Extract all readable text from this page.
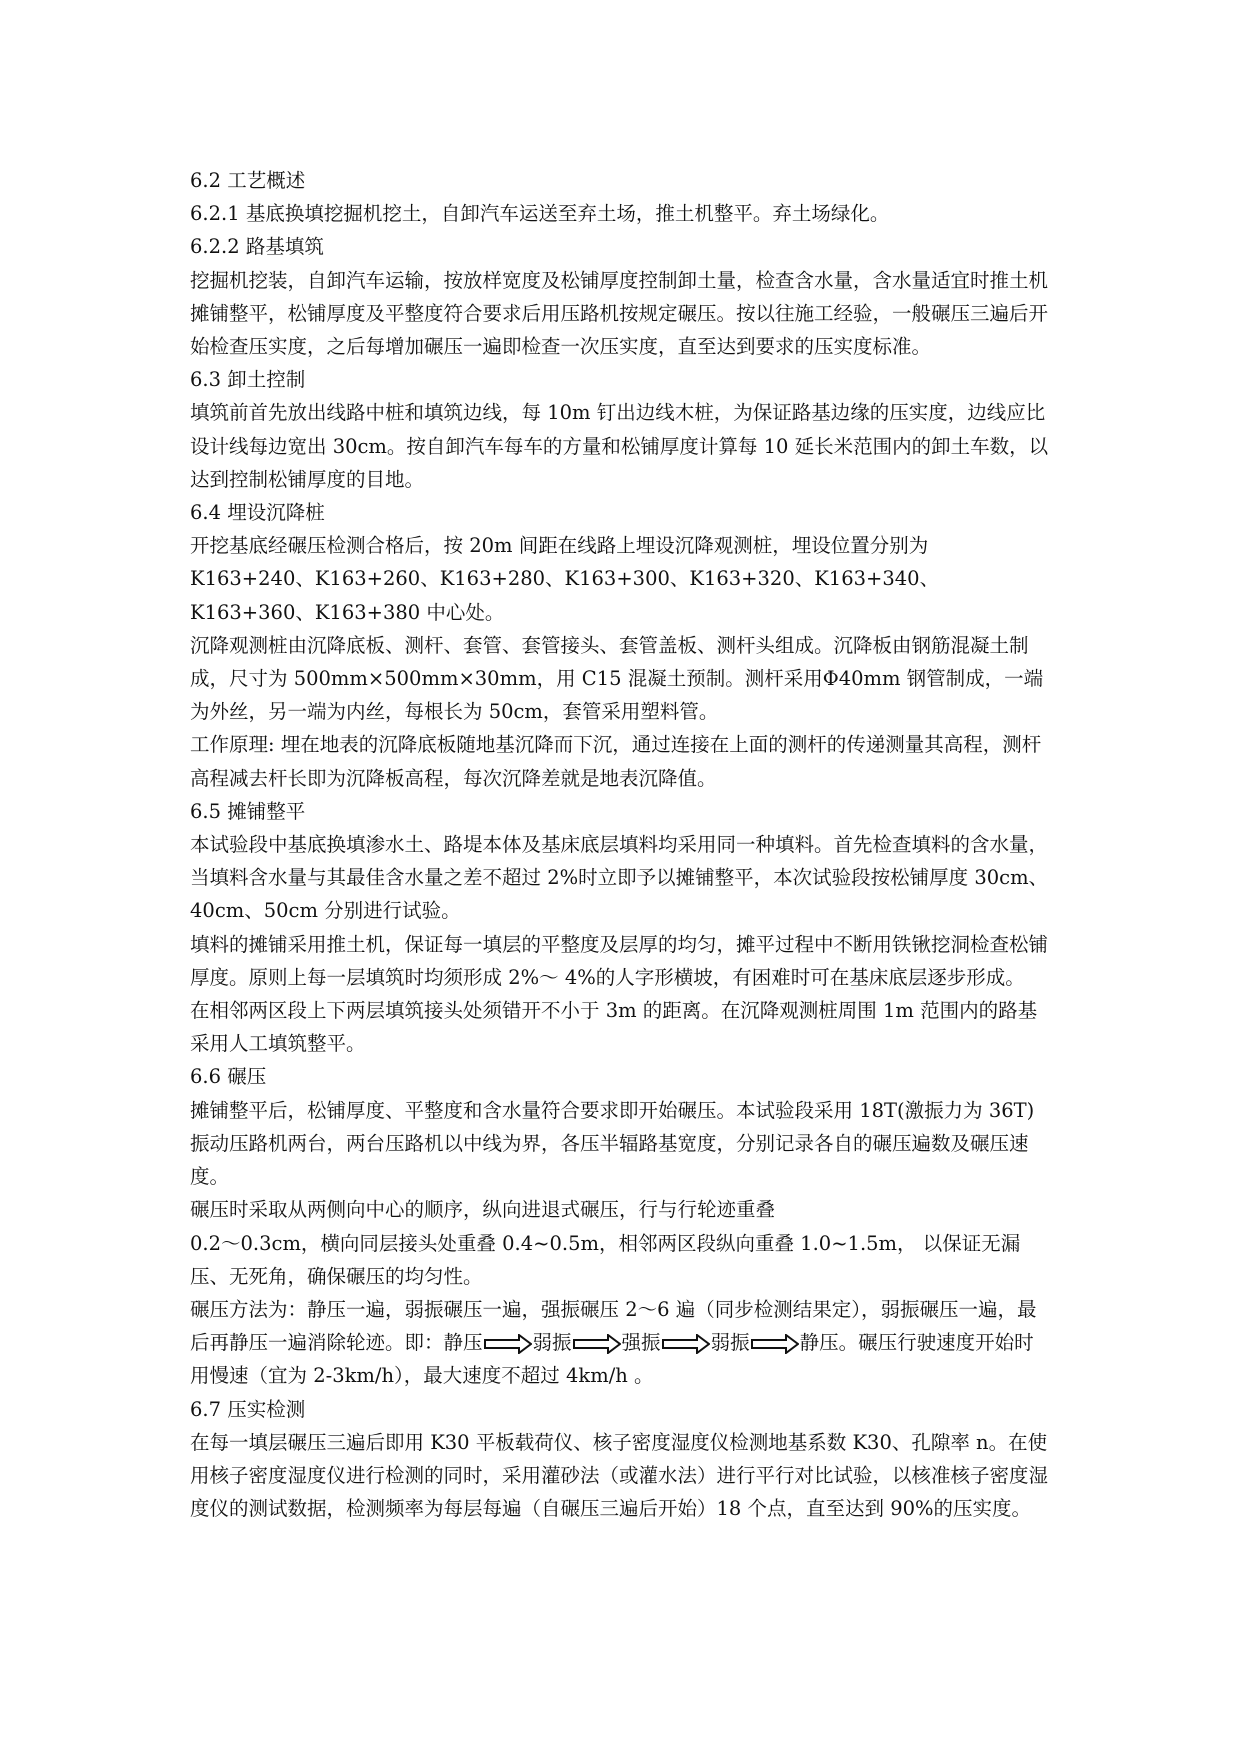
6.2 工艺概述

6.2.1 基底换填挖掘机挖土，自卸汽车运送至弃土场，推土机整平。弃土场绿化。

6.2.2 路基填筑

挖掘机挖装，自卸汽车运输，按放样宽度及松铺厚度控制卸土量，检查含水量，含水量适宜时推土机摊铺整平，松铺厚度及平整度符合要求后用压路机按规定碾压。按以往施工经验，一般碾压三遍后开始检查压实度，之后每增加碾压一遍即检查一次压实度，直至达到要求的压实度标准。

6.3 卸土控制

填筑前首先放出线路中桩和填筑边线，每 10m 钉出边线木桩，为保证路基边缘的压实度，边线应比设计线每边宽出 30cm。按自卸汽车每车的方量和松铺厚度计算每 10 延长米范围内的卸土车数，以达到控制松铺厚度的目地。

6.4 埋设沉降桩

开挖基底经碾压检测合格后，按 20m 间距在线路上埋设沉降观测桩，埋设位置分别为 K163+240、K163+260、K163+280、K163+300、K163+320、K163+340、K163+360、K163+380 中心处。

沉降观测桩由沉降底板、测杆、套管、套管接头、套管盖板、测杆头组成。沉降板由钢筋混凝土制成，尺寸为 500mm×500mm×30mm，用 C15 混凝土预制。测杆采用Φ40mm 钢管制成，一端为外丝，另一端为内丝，每根长为 50cm，套管采用塑料管。

工作原理: 埋在地表的沉降底板随地基沉降而下沉，通过连接在上面的测杆的传递测量其高程，测杆高程减去杆长即为沉降板高程，每次沉降差就是地表沉降值。

6.5 摊铺整平

本试验段中基底换填渗水土、路堤本体及基床底层填料均采用同一种填料。首先检查填料的含水量，当填料含水量与其最佳含水量之差不超过 2%时立即予以摊铺整平，本次试验段按松铺厚度 30cm、40cm、50cm 分别进行试验。

填料的摊铺采用推土机，保证每一填层的平整度及层厚的均匀，摊平过程中不断用铁锹挖洞检查松铺厚度。原则上每一层填筑时均须形成 2%～ 4%的人字形横坡，有困难时可在基床底层逐步形成。

在相邻两区段上下两层填筑接头处须错开不小于 3m 的距离。在沉降观测桩周围 1m 范围内的路基采用人工填筑整平。

6.6 碾压

摊铺整平后，松铺厚度、平整度和含水量符合要求即开始碾压。本试验段采用 18T(激振力为 36T)振动压路机两台，两台压路机以中线为界，各压半辐路基宽度，分别记录各自的碾压遍数及碾压速度。

碾压时采取从两侧向中心的顺序，纵向进退式碾压，行与行轮迹重叠

0.2～0.3cm，横向同层接头处重叠 0.4~0.5m，相邻两区段纵向重叠 1.0~1.5m， 以保证无漏压、无死角，确保碾压的均匀性。

碾压方法为：静压一遍，弱振碾压一遍，强振碾压 2～6 遍（同步检测结果定），弱振碾压一遍，最后再静压一遍消除轮迹。即：静压	弱振	强振	弱振	静压。碾压行驶速度开始时用慢速（宜为 2-3km/h），最大速度不超过 4km/h 。

6.7 压实检测

在每一填层碾压三遍后即用 K30 平板载荷仪、核子密度湿度仪检测地基系数 K30、孔隙率 n。在使用核子密度湿度仪进行检测的同时，采用灌砂法（或灌水法）进行平行对比试验，以核准核子密度湿度仪的测试数据，检测频率为每层每遍（自碾压三遍后开始）18 个点，直至达到 90%的压实度。
